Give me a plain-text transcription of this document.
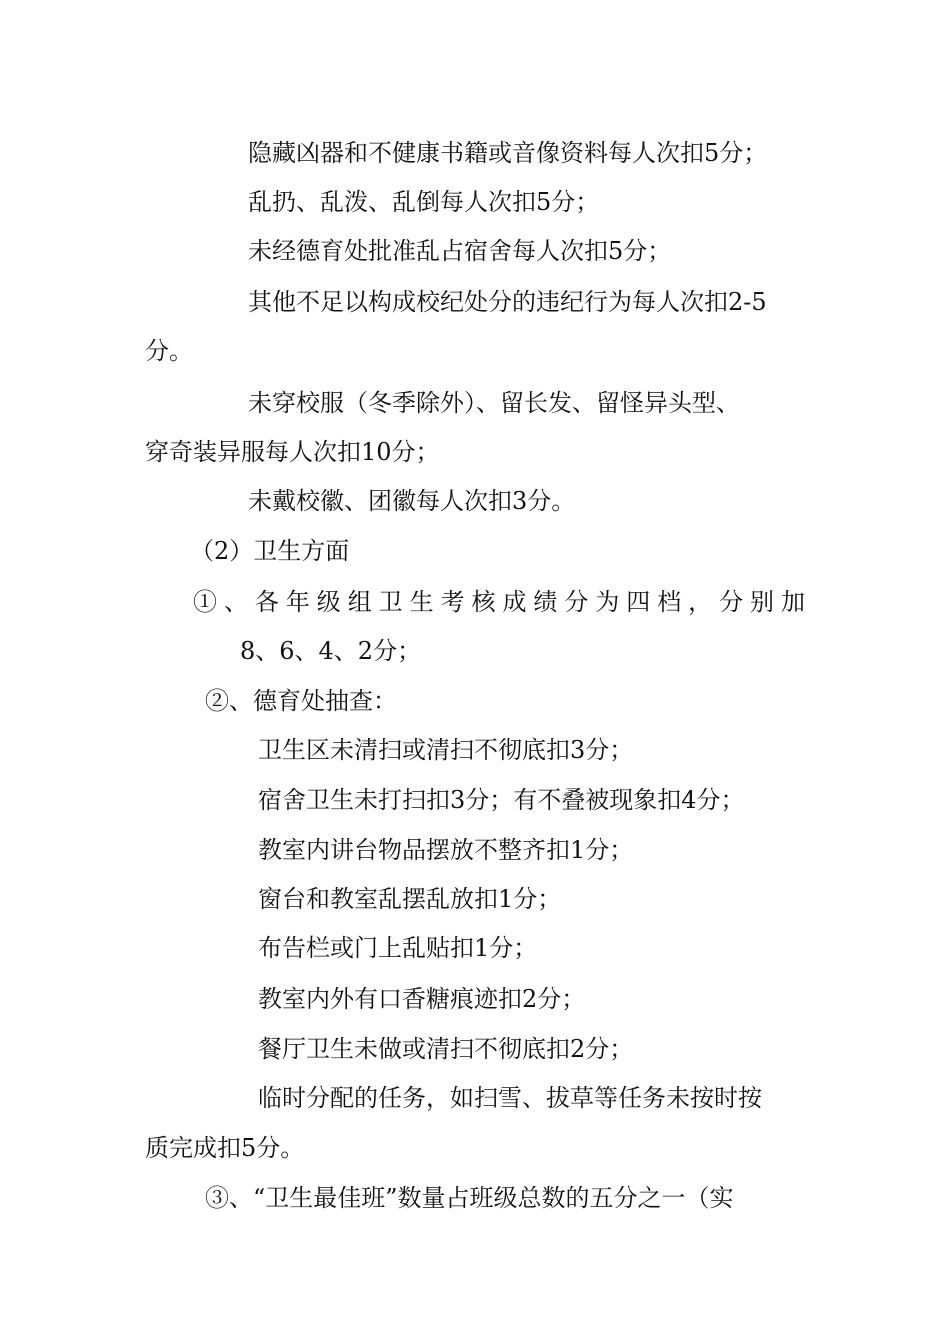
隐藏凶器和不健康书籍或音像资料每人次扣5分；
乱扔、乱泼、乱倒每人次扣5分；
未经德育处批准乱占宿舍每人次扣5分；
其他不足以构成校纪处分的违纪行为每人次扣2-5
分。
未穿校服（冬季除外）、留长发、留怪异头型、
穿奇装异服每人次扣10分；
未戴校徽、团徽每人次扣3分。
（2）卫生方面
①、各年级组卫生考核成绩分为四档，分别加
8、6、4、2分；
②、德育处抽查：
卫生区未清扫或清扫不彻底扣3分；
宿舍卫生未打扫扣3分；有不叠被现象扣4分；
教室内讲台物品摆放不整齐扣1分；
窗台和教室乱摆乱放扣1分；
布告栏或门上乱贴扣1分；
教室内外有口香糖痕迹扣2分；
餐厅卫生未做或清扫不彻底扣2分；
临时分配的任务，如扫雪、拔草等任务未按时按
质完成扣5分。
③、“卫生最佳班”数量占班级总数的五分之一（实
